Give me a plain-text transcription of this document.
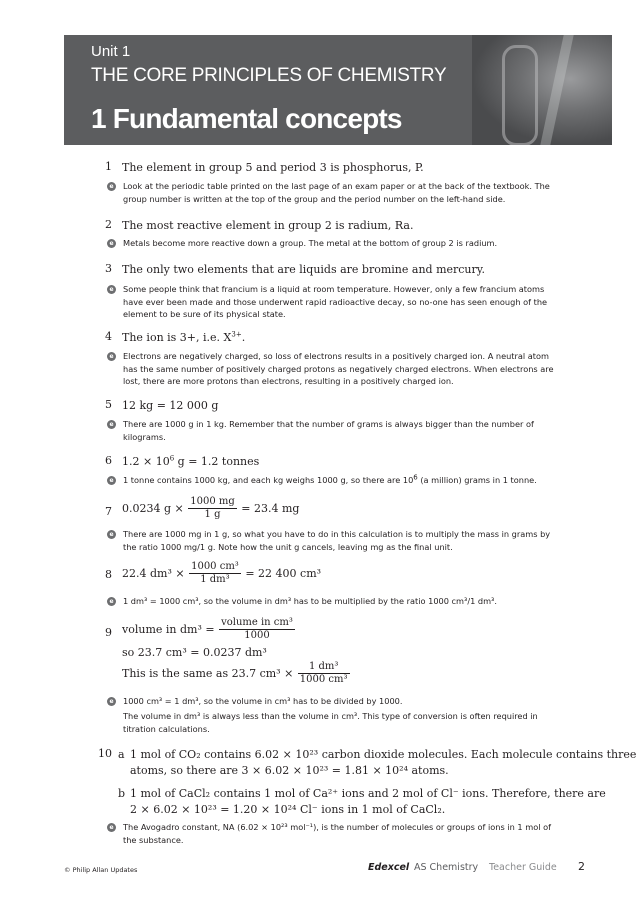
Unit 1
THE CORE PRINCIPLES OF CHEMISTRY
1 Fundamental concepts
1 The element in group 5 and period 3 is phosphorus, P.
e	Look at the periodic table printed on the last page of an exam paper or at the back of the textbook. The group number is written at the top of the group and the period number on the left-hand side.
2 The most reactive element in group 2 is radium, Ra.
e	Metals become more reactive down a group. The metal at the bottom of group 2 is radium.
3 The only two elements that are liquids are bromine and mercury.
e	Some people think that francium is a liquid at room temperature. However, only a few francium atoms have ever been made and those underwent rapid radioactive decay, so no-one has seen enough of the element to be sure of its physical state.
4 The ion is 3+, i.e. $X^{3+}$.
e	Electrons are negatively charged, so loss of electrons results in a positively charged ion. A neutral atom has the same number of positively charged protons as negatively charged electrons. When electrons are lost, there are more protons than electrons, resulting in a positively charged ion.
5 12 kg = 12 000 g
e	There are 1000 g in 1 kg. Remember that the number of grams is always bigger than the number of kilograms.
6 $1.2 \times 10^6$ g = 1.2 tonnes
e	1 tonne contains 1000 kg, and each kg weighs 1000 g, so there are $10^6$ (a million) grams in 1 tonne.
7 0.0234 $g \times \frac{1000 mg}{1 g} = 23.4$ mg
e	There are 1000 mg in 1 g, so what you have to do in this calculation is to multiply the mass in grams by the ratio 1000 mg/1 g. Note how the unit g cancels, leaving mg as the final unit.
8 22.4 $dm^3 \times \frac{\text{1000 cm³}}{\text{1 dm³}} = 22$ 400 cm³
e	1 dm³ = 1000 cm³, so the volume in dm³ has to be multiplied by the ratio 1000 cm³/1 dm³.
9 volume in $dm^3 = \frac{\text{volume in cm³}}{1000}$
so 23.7 cm³ = 0.0237 dm³
This is the same as 23.7 $cm^3 \times \frac{\text{1 dm³}}{\text{1000 cm³}}$
e	1000 cm³ = 1 dm³, so the volume in cm³ has to be divided by 1000.
The volume in dm³ is always less than the volume in cm³. This type of conversion is often required in titration calculations.
10 a 1 mol of CO₂ contains 6.02 × 10²³ carbon dioxide molecules. Each molecule contains three
atoms, so there are 3 × 6.02 × 10²³ = 1.81 × 10²⁴ atoms.
b 1 mol of CaCl₂ contains 1 mol of Ca²⁺ ions and 2 mol of Cl⁻ ions. Therefore, there are
2 × 6.02 × 10²³ = 1.20 × 10²⁴ Cl⁻ ions in 1 mol of CaCl₂.
e	The Avogadro constant, NA (6.02 × 10²³ mol⁻¹), is the number of molecules or groups of ions in 1 mol of
the substance.
© Philip Allan Updates	Edexcel AS Chemistry Teacher Guide 2
